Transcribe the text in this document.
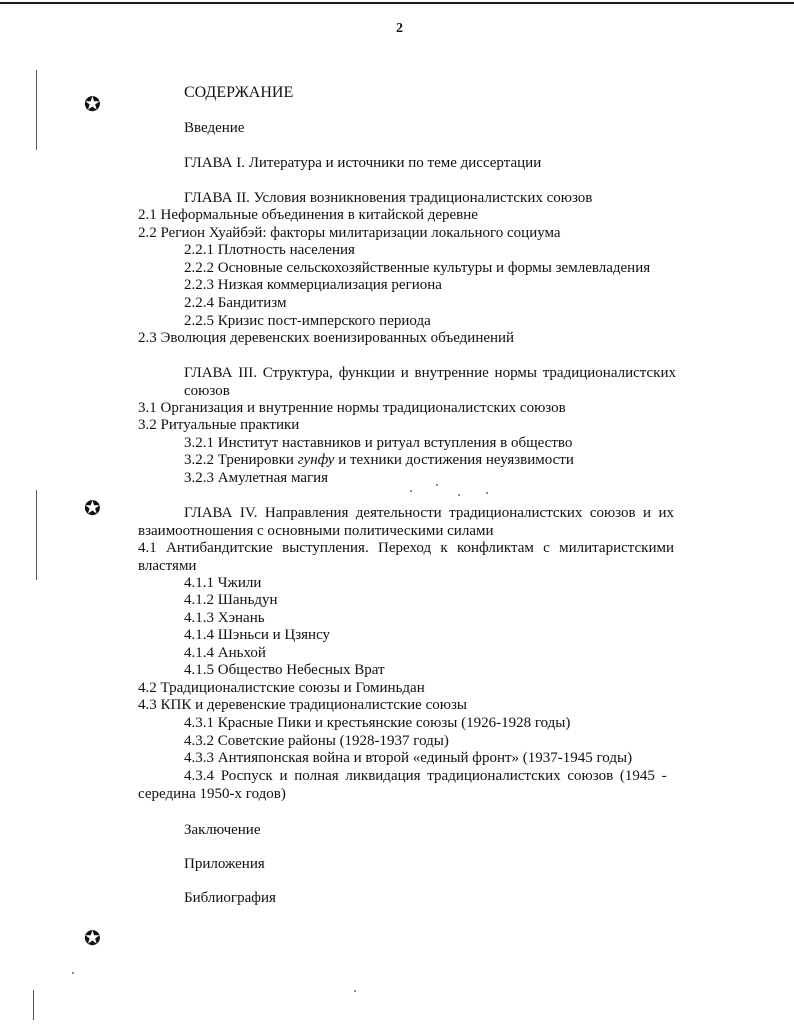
2
✪
✪
✪
СОДЕРЖАНИЕ
Введение
ГЛАВА I. Литература и источники по теме диссертации
ГЛАВА II. Условия возникновения традиционалистских союзов
2.1 Неформальные объединения в китайской деревне
2.2 Регион Хуайбэй: факторы милитаризации локального социума
2.2.1 Плотность населения
2.2.2 Основные сельскохозяйственные культуры и формы землевладения
2.2.3 Низкая коммерциализация региона
2.2.4 Бандитизм
2.2.5 Кризис пост-имперского периода
2.3 Эволюция деревенских военизированных объединений
ГЛАВА III. Структура, функции и внутренние нормы традиционалистских союзов
3.1 Организация и внутренние нормы традиционалистских союзов
3.2 Ритуальные практики
3.2.1 Институт наставников и ритуал вступления в общество
3.2.2 Тренировки гунфу и техники достижения неуязвимости
3.2.3 Амулетная магия
ГЛАВА IV. Направления деятельности традиционалистских союзов и их взаимоотношения с основными политическими силами
4.1 Антибандитские выступления. Переход к конфликтам с милитаристскими властями
4.1.1 Чжили
4.1.2 Шаньдун
4.1.3 Хэнань
4.1.4 Шэньси и Цзянсу
4.1.4 Аньхой
4.1.5 Общество Небесных Врат
4.2 Традиционалистские союзы и Гоминьдан
4.3 КПК и деревенские традиционалистские союзы
4.3.1 Красные Пики и крестьянские союзы (1926-1928 годы)
4.3.2 Советские районы (1928-1937 годы)
4.3.3 Антияпонская война и второй «единый фронт» (1937-1945 годы)
4.3.4 Роспуск и полная ликвидация традиционалистских союзов (1945 -
середина 1950-х годов)
Заключение
Приложения
Библиография
